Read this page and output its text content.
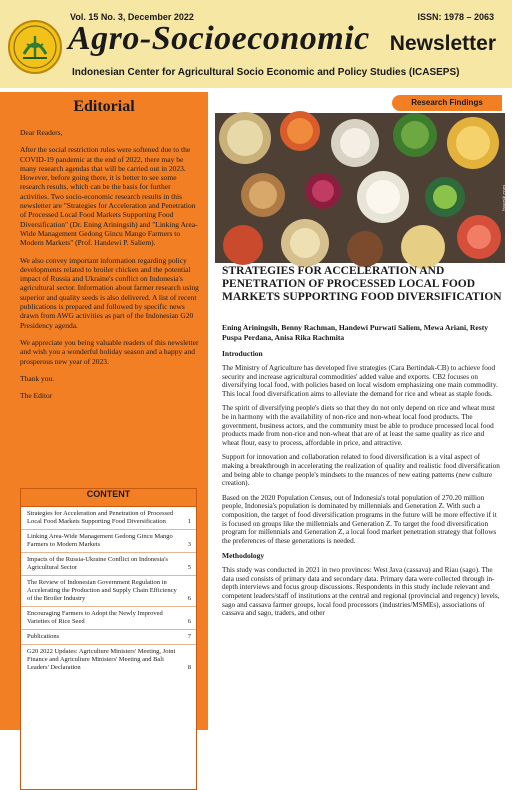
Vol. 15 No. 3, December 2022	ISSN: 1978 – 2063
Agro-Socioeconomic Newsletter
Indonesian Center for Agricultural Socio Economic and Policy Studies (ICASEPS)
Editorial

Dear Readers,

After the social restriction rules were softened due to the COVID-19 pandemic at the end of 2022, there may be many research agendas that will be carried out in 2023. However, before going there, it is better to see some research results, which can be the basis for further activities. Two socio-economic research results in this newsletter are "Strategies for Acceleration and Penetration of Processed Local Food Markets Supporting Food Diversification" (Dr. Ening Ariningsih) and "Linking Area-Wide Management Gedong Gincu Mango Farmers to Modern Markets" (Prof. Handewi P. Saliem).

We also convey important information regarding policy developments related to broiler chicken and the potential impact of Russia and Ukraine's conflict on Indonesia's agricultural sector. Information about farmer research using superior and quality seeds is also delivered. A list of recent publications is prepared and followed by specific news drawn from AWG activities as part of the Indonesian G20 Presidency agenda.

We appreciate you being valuable readers of this newsletter and wish you a wonderful holiday season and a happy and prosperous new year of 2023.

Thank you.

The Editor

CONTENT
Strategies for Acceleration and Penetration of Processed Local Food Markets Supporting Food Diversification	1
Linking Area-Wide Management Gedong Gincu Mango Farmers to Modern Markets	3
Impacts of the Russia-Ukraine Conflict on Indonesia's Agricultural Sector	5
The Review of Indonesian Government Regulation in Accelerating the Production and Supply Chain Efficiency of the Broiler Industry	6
Encouraging Farmers to Adopt the Newly Improved Varieties of Rice Seed	6
Publications	7
G20 2022 Updates: Agriculture Ministers' Meeting, Joint Finance and Agriculture Ministers' Meeting and Bali Leaders' Declaration	8
Research Findings
freepik.com
STRATEGIES FOR ACCELERATION AND PENETRATION OF PROCESSED LOCAL FOOD MARKETS SUPPORTING FOOD DIVERSIFICATION
Ening Ariningsih, Benny Rachman, Handewi Purwati Saliem, Mewa Ariani, Resty Puspa Perdana, Anisa Rika Rachmita
Introduction

The Ministry of Agriculture has developed five strategies (Cara Bertindak-CB) to achieve food security and increase agricultural commodities' added value and exports. CB2 focuses on diversifying local food, with policies based on local wisdom emphasizing one main commodity. This local food diversification aims to alleviate the demand for rice and wheat as staple foods.

The spirit of diversifying people's diets so that they do not only depend on rice and wheat must be in harmony with the availability of non-rice and non-wheat local food products. The government, business actors, and the community must be able to produce processed local food products made from non-rice and non-wheat that are of at least the same quality as rice and wheat flour, easy to process, affordable in price, and attractive.

Support for innovation and collaboration related to food diversification is a vital aspect of making a breakthrough in accelerating the realization of quality and realistic food diversification and being able to change people's mindsets to the nuances of new eating patterns (new culture creation).

Based on the 2020 Population Census, out of Indonesia's total population of 270.20 million people, Indonesia's population is dominated by millennials and Generation Z. With such a composition, the target of food diversification programs in the future will be more effective if it is focused on groups like the millennials and Generation Z. To target the food diversification program for millennials and Generation Z, a local food market penetration strategy that follows the preferences of these generations is needed.

Methodology

This study was conducted in 2021 in two provinces: West Java (cassava) and Riau (sago). The data used consists of primary data and secondary data. Primary data were collected through in-depth interviews and focus group discussions. Respondents in this study include relevant and competent leaders/staff of institutions at the central and regional (provincial and regency) levels, sago and cassava farmer groups, local food processors (industries/MSMEs), associations of cassava and sago, traders, and other
